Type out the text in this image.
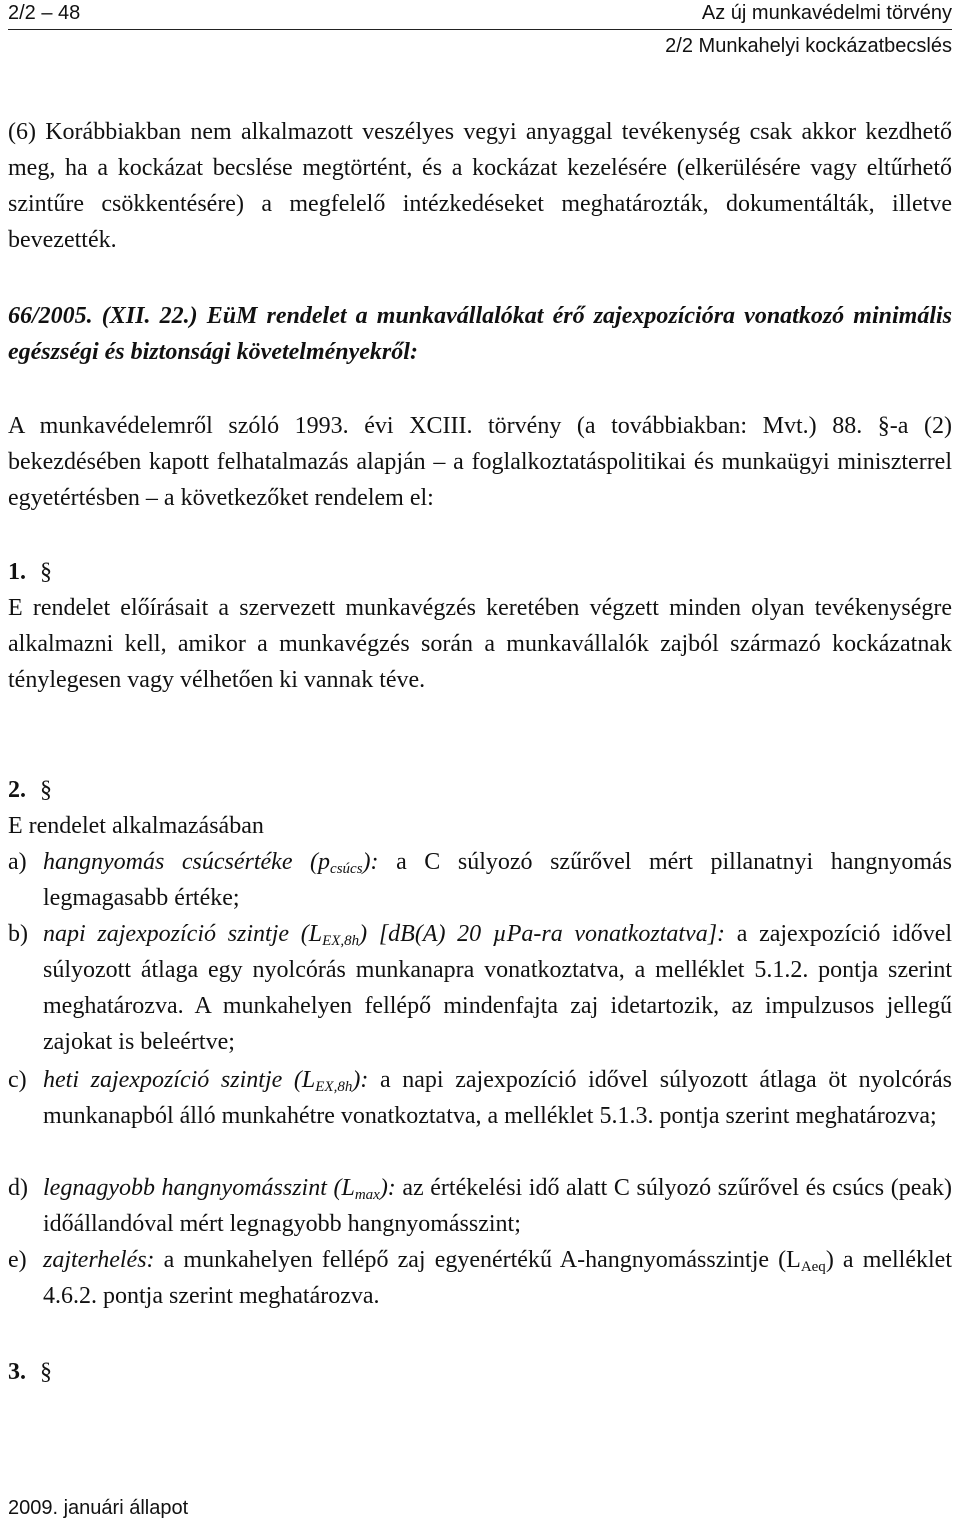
2/2 – 48	Az új munkavédelmi törvény
2/2 Munkahelyi kockázatbecslés

(6) Korábbiakban nem alkalmazott veszélyes vegyi anyaggal tevékenység csak akkor kezdhető meg, ha a kockázat becslése megtörtént, és a kockázat kezelésére (elkerülésére vagy eltűrhető szintűre csökkentésére) a megfelelő intézkedéseket meghatározták, dokumentálták, illetve bevezették.

66/2005. (XII. 22.) EüM rendelet a munkavállalókat érő zajexpozícióra vonatkozó minimális egészségi és biztonsági követelményekről:

A munkavédelemről szóló 1993. évi XCIII. törvény (a továbbiakban: Mvt.) 88. §-a (2) bekezdésében kapott felhatalmazás alapján – a foglalkoztatáspolitikai és munkaügyi miniszterrel egyetértésben – a következőket rendelem el:

1. §

E rendelet előírásait a szervezett munkavégzés keretében végzett minden olyan tevékenységre alkalmazni kell, amikor a munkavégzés során a munkavállalók zajból származó kockázatnak ténylegesen vagy vélhetően ki vannak téve.

2. §

E rendelet alkalmazásában

a) hangnyomás csúcsértéke $(p_{csúcs})$: a C súlyozó szűrővel mért pillanatnyi hangnyomás legmagasabb értéke;
b) napi zajexpozíció szintje $(L_{EX,8h})$ [dB(A) 20 µPa-ra vonatkoztatva]: a zajexpozíció idővel súlyozott átlaga egy nyolcórás munkanapra vonatkoztatva, a melléklet 5.1.2. pontja szerint meghatározva. A munkahelyen fellépő mindenfajta zaj idetartozik, az impulzusos jellegű zajokat is beleértve;
c) heti zajexpozíció szintje $(L_{EX,8h})$: a napi zajexpozíció idővel súlyozott átlaga öt nyolcórás munkanapból álló munkahétre vonatkoztatva, a melléklet 5.1.3. pontja szerint meghatározva;
d) legnagyobb hangnyomásszint $(L_{max})$: az értékelési idő alatt C súlyozó szűrővel és csúcs (peak) időállandóval mért legnagyobb hangnyomásszint;
e) zajterhelés: a munkahelyen fellépő zaj egyenértékű A-hangnyomásszintje $(L_{Aeq})$ a melléklet 4.6.2. pontja szerint meghatározva.
3. §
2009. januári állapot
